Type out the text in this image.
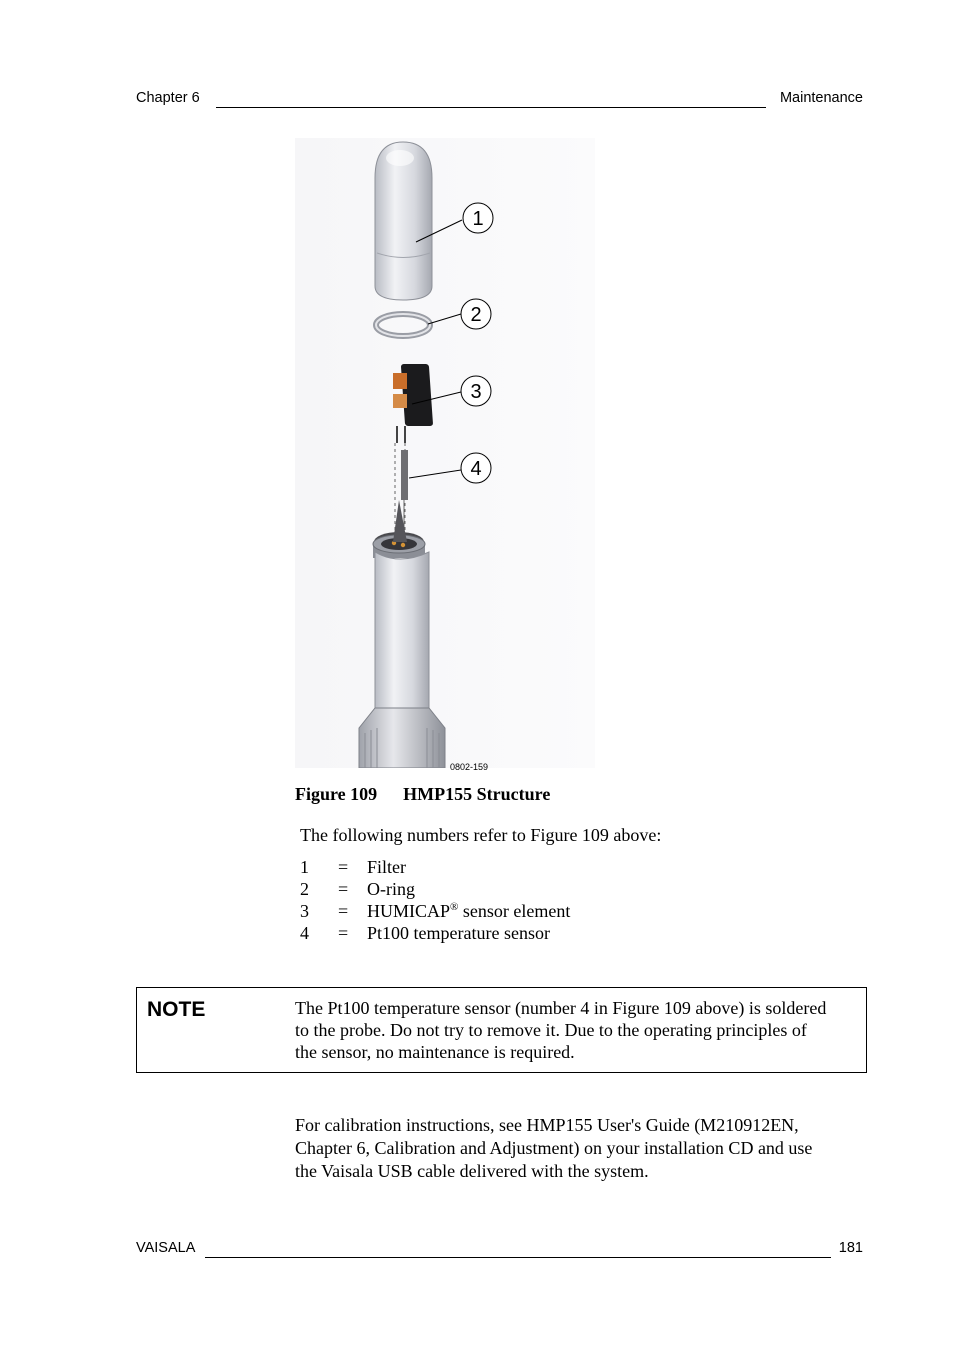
Chapter 6	Maintenance
1
2
3
4
0802-159
Figure 109 HMP155 Structure
The following numbers refer to Figure 109 above:
1 = Filter
2 = O-ring
3 = HUMICAP® sensor element
4 = Pt100 temperature sensor
NOTE	The Pt100 temperature sensor (number 4 in Figure 109 above) is soldered
to the probe. Do not try to remove it. Due to the operating principles of
the sensor, no maintenance is required.
For calibration instructions, see HMP155 User's Guide (M210912EN,
Chapter 6, Calibration and Adjustment) on your installation CD and use
the Vaisala USB cable delivered with the system.
VAISALA	181
